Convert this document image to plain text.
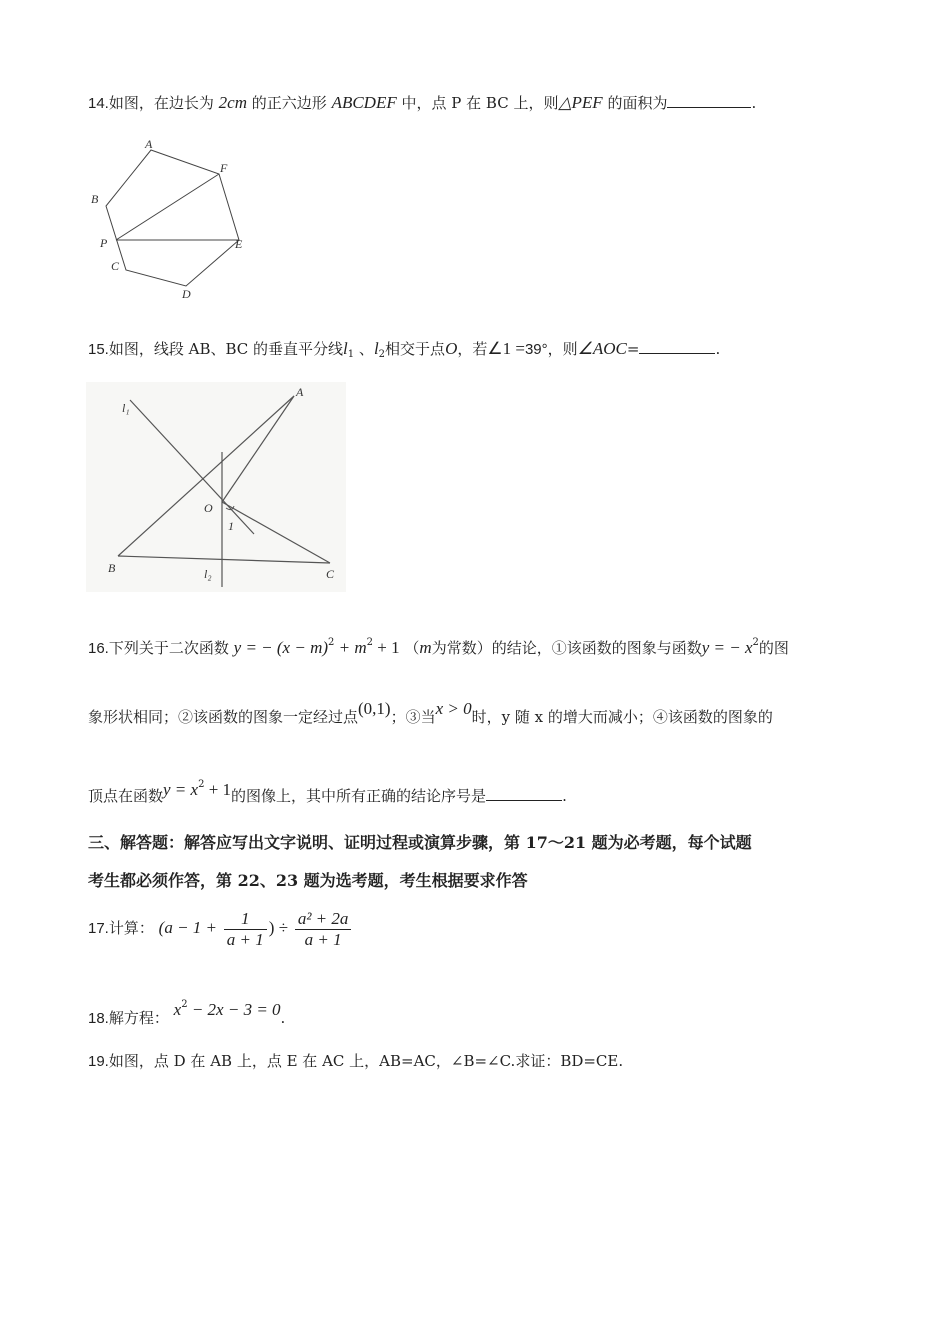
14.如图，在边长为 2cm 的正六边形 ABCDEF 中，点 P 在 BC 上，则△PEF 的面积为	.
A
F
B
P	E
C
D
15.如图，线段 AB、BC 的垂直平分线$l_1$ 、$l_2$相交于点O，若∠1 =39°，则∠AOC=	.
l₁
A
O
1
B	l₂	C
16.下列关于二次函数 y = − $(x - m)^2 + m^2 + 1$ （m为常数）的结论，①该函数的图象与函数y = − $x^2$的图
象形状相同；②该函数的图象一定经过点(0,1)；③当x > 0时，y 随 x 的增大而减小；④该函数的图象的
顶点在函数$y = x^2 + 1$的图像上，其中所有正确的结论序号是	.
三、解答题：解答应写出文字说明、证明过程或演算步骤，第 17～21 题为必考题，每个试题
考生都必须作答，第 22、23 题为选考题，考生根据要求作答
17.计算： ($a - 1 + \frac{1}{a + 1}$ ) ÷ $\frac{\text{a² + 2a}}{a + 1}$
18.解方程： $x^2 - 2x - 3 = 0$.
19.如图，点 D 在 AB 上，点 E 在 AC 上，AB=AC，∠B=∠C.求证：BD=CE.
